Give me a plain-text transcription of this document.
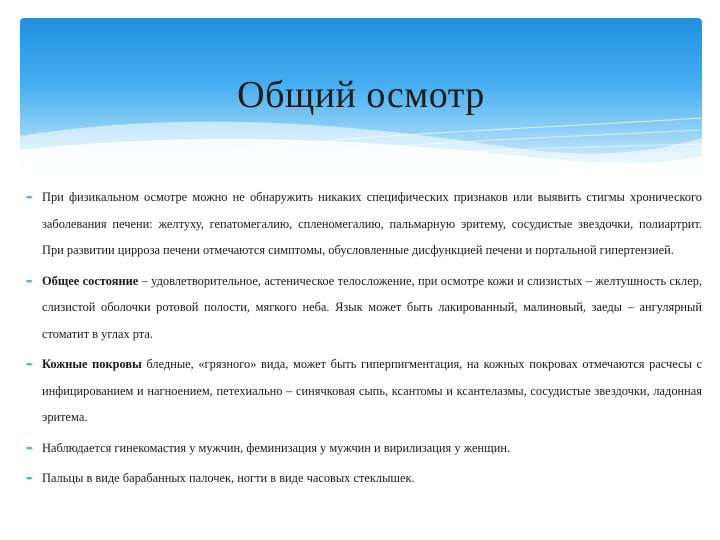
Общий осмотр
➨ При физикальном осмотре можно не обнаружить никаких специфических признаков или выявить стигмы хронического заболевания печени: желтуху, гепатомегалию, спленомегалию, пальмарную эритему, сосудистые звездочки, полиартрит. При развитии цирроза печени отмечаются симптомы, обусловленные дисфункцией печени и портальной гипертензией.
➨ Общее состояние – удовлетворительное, астеническое телосложение, при осмотре кожи и слизистых – желтушность склер, слизистой оболочки ротовой полости, мягкого неба. Язык может быть лакированный, малиновый, заеды – ангулярный стоматит в углах рта.
➨ Кожные покровы бледные, «грязного» вида, может быть гиперпигментация, на кожных покровах отмечаются расчесы с инфицированием и нагноением, петехиально – синячковая сыпь, ксантомы и ксантелазмы, сосудистые звездочки, ладонная эритема.
➨ Наблюдается гинекомастия у мужчин, феминизация у мужчин и вирилизация у женщин.
➨ Пальцы в виде барабанных палочек, ногти в виде часовых стеклышек.
